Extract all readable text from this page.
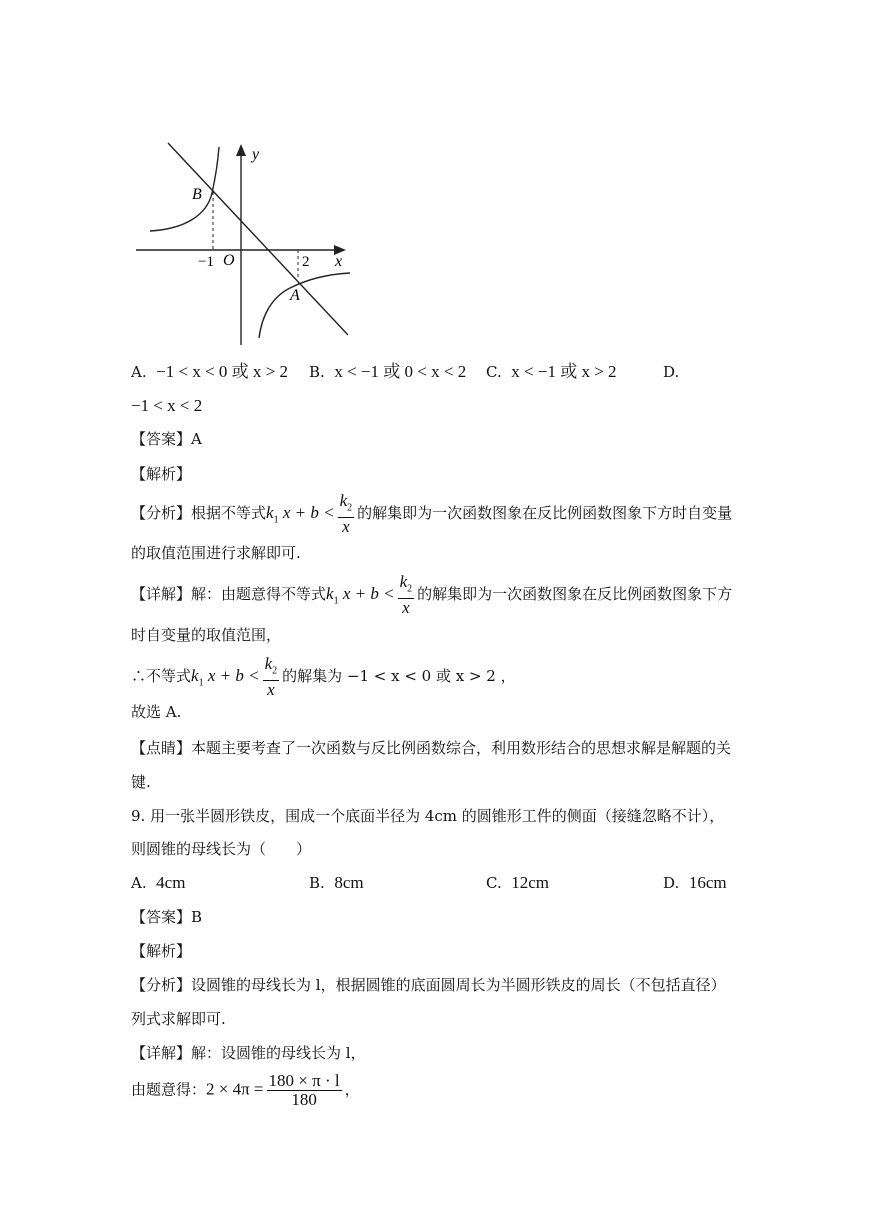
y
x
B
A
O
−1	2
A. −1 < x < 0 或 x > 2 B. x < −1 或 0 < x < 2 C. x < −1 或 x > 2	D.
−1 < x < 2
【答案】A
【解析】
【分析】根据不等式$k_1$ $x + b < \frac{k_2}{x}$ 的解集即为一次函数图象在反比例函数图象下方时自变量
的取值范围进行求解即可.
【详解】解：由题意得不等式$k_1$ $x + b < \frac{k_2}{x}$ 的解集即为一次函数图象在反比例函数图象下方
时自变量的取值范围，
∴不等式$k_1$ $x + b < \frac{k_2}{x}$ 的解集为 −1 < x < 0 或 x > 2 ，
故选 A.
【点睛】本题主要考查了一次函数与反比例函数综合，利用数形结合的思想求解是解题的关
键.
9. 用一张半圆形铁皮，围成一个底面半径为 4cm 的圆锥形工件的侧面（接缝忽略不计），
则圆锥的母线长为（　　）
A. 4cm	B. 8cm	C. 12cm	D. 16cm
【答案】B
【解析】
【分析】设圆锥的母线长为 l，根据圆锥的底面圆周长为半圆形铁皮的周长（不包括直径）
列式求解即可.
【详解】解：设圆锥的母线长为 l，
由题意得：$2 \times 4\pi = \frac{180 \times \pi \cdot l}{180}$ ，
